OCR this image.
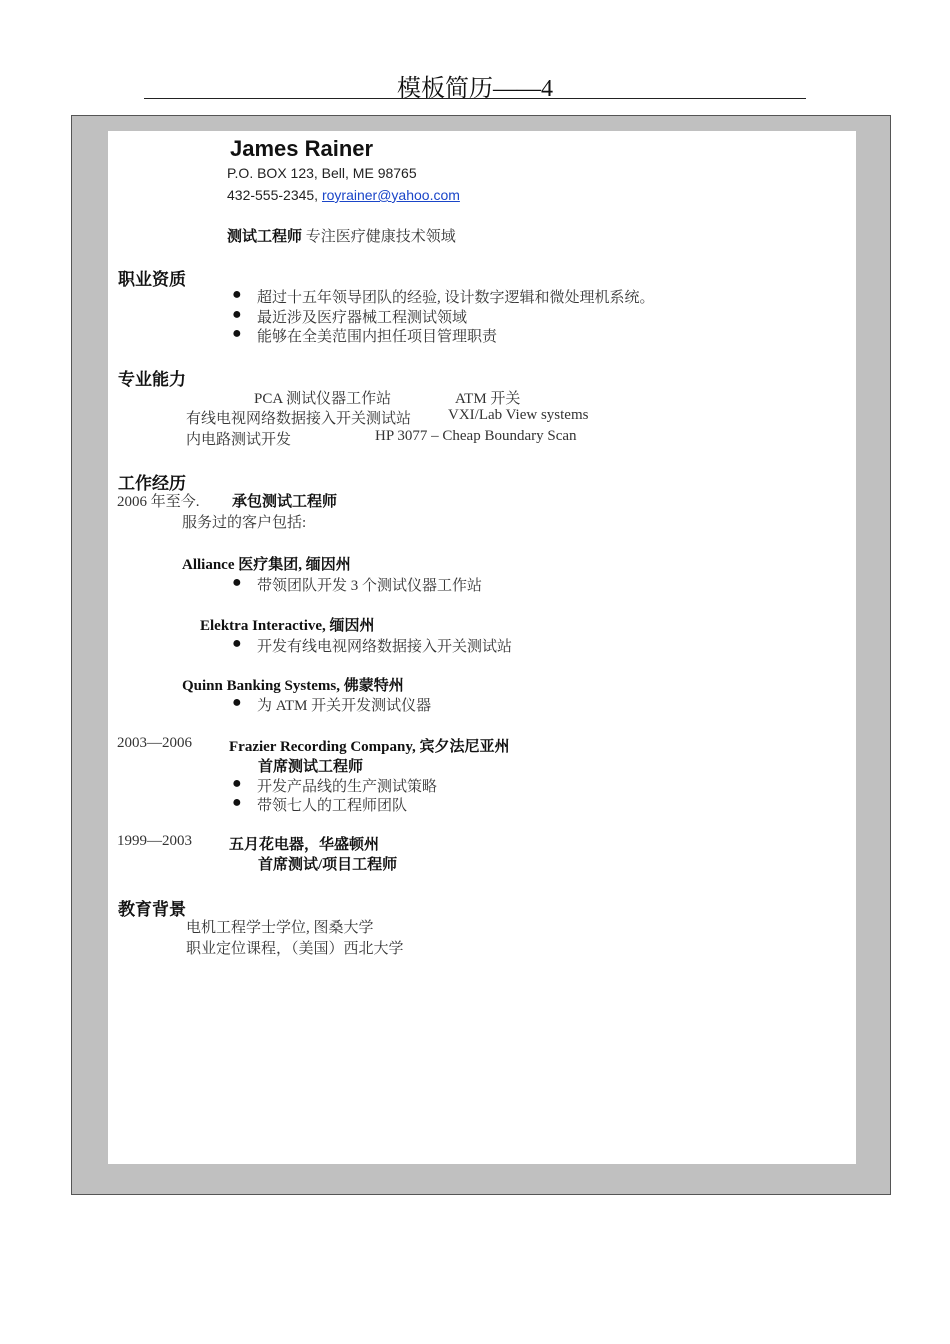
模板简历——4
James Rainer
P.O. BOX 123, Bell, ME 98765
432-555-2345, royrainer@yahoo.com
测试工程师 专注医疗健康技术领域
职业资质
● 超过十五年领导团队的经验, 设计数字逻辑和微处理机系统。
● 最近涉及医疗器械工程测试领域
● 能够在全美范围内担任项目管理职责
专业能力
PCA 测试仪器工作站	ATM 开关
有线电视网络数据接入开关测试站 VXI/Lab View systems
内电路测试开发	HP 3077 – Cheap Boundary Scan
工作经历
2006 年至今. 承包测试工程师
服务过的客户包括:
Alliance 医疗集团, 缅因州
● 带领团队开发 3 个测试仪器工作站
Elektra Interactive, 缅因州
● 开发有线电视网络数据接入开关测试站
Quinn Banking Systems, 佛蒙特州
● 为 ATM 开关开发测试仪器
2003—2006 Frazier Recording Company, 宾夕法尼亚州
首席测试工程师
● 开发产品线的生产测试策略
● 带领七人的工程师团队
1999—2003 五月花电器，华盛顿州
首席测试/项目工程师
教育背景
电机工程学士学位, 图桑大学
职业定位课程，（美国）西北大学
